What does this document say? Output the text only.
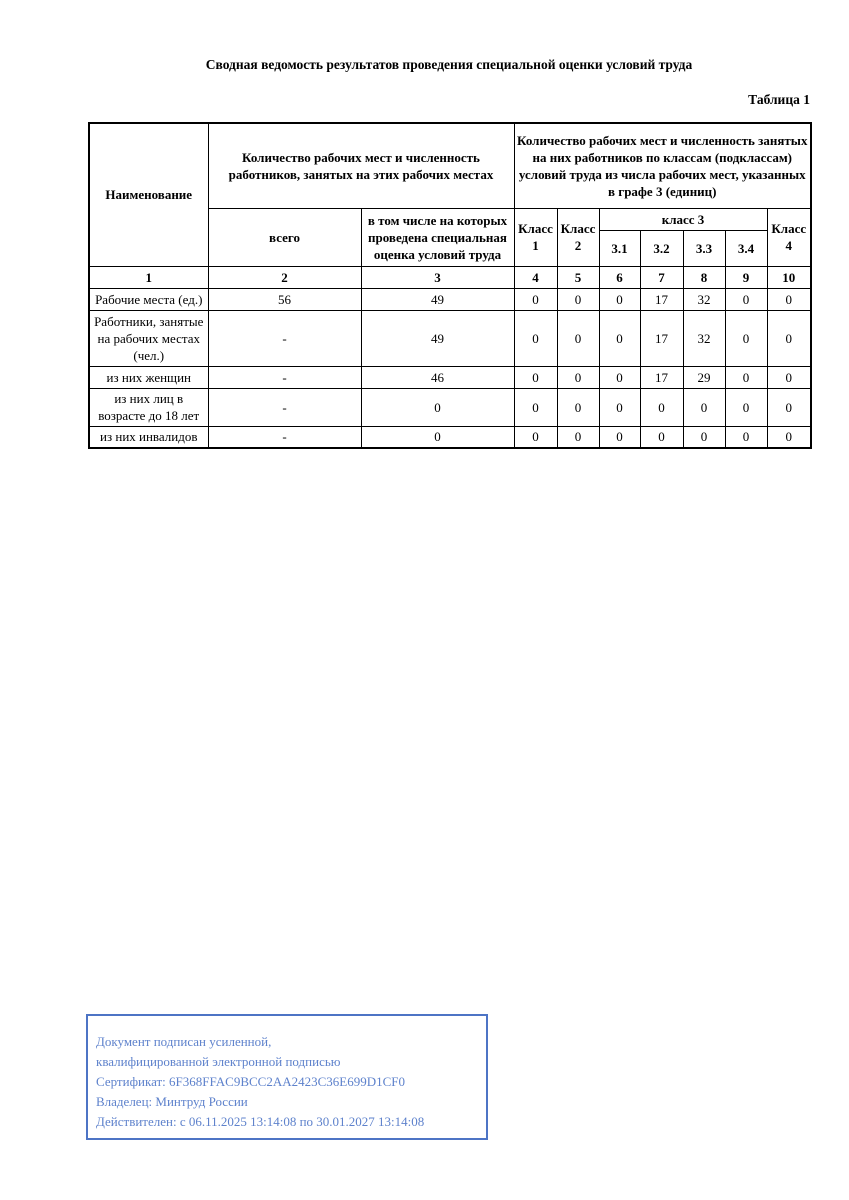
Сводная ведомость результатов проведения специальной оценки условий труда
Таблица 1
Наименование	Количество рабочих мест и численность работников, занятых на этих рабочих местах		Количество рабочих мест и численность занятых на них работников по классам (подклассам) условий труда из числа рабочих мест, указанных в графе 3 (единиц)						
	всего	в том числе на которых проведена специальная оценка условий труда	Класс 1	Класс 2	класс 3				Класс 4
					3.1	3.2	3.3	3.4	
1	2	3	4	5	6	7	8	9	10
Рабочие места (ед.)	56	49	0	0	0	17	32	0	0
Работники, занятые на рабочих местах (чел.)	-	49	0	0	0	17	32	0	0
из них женщин	-	46	0	0	0	17	29	0	0
из них лиц в возрасте до 18 лет	-	0	0	0	0	0	0	0	0
из них инвалидов	-	0	0	0	0	0	0	0	0
Документ подписан усиленной,
квалифицированной электронной подписью
Сертификат: 6F368FFAC9BCC2AA2423C36E699D1CF0
Владелец: Минтруд России
Действителен: с 06.11.2025 13:14:08 по 30.01.2027 13:14:08
